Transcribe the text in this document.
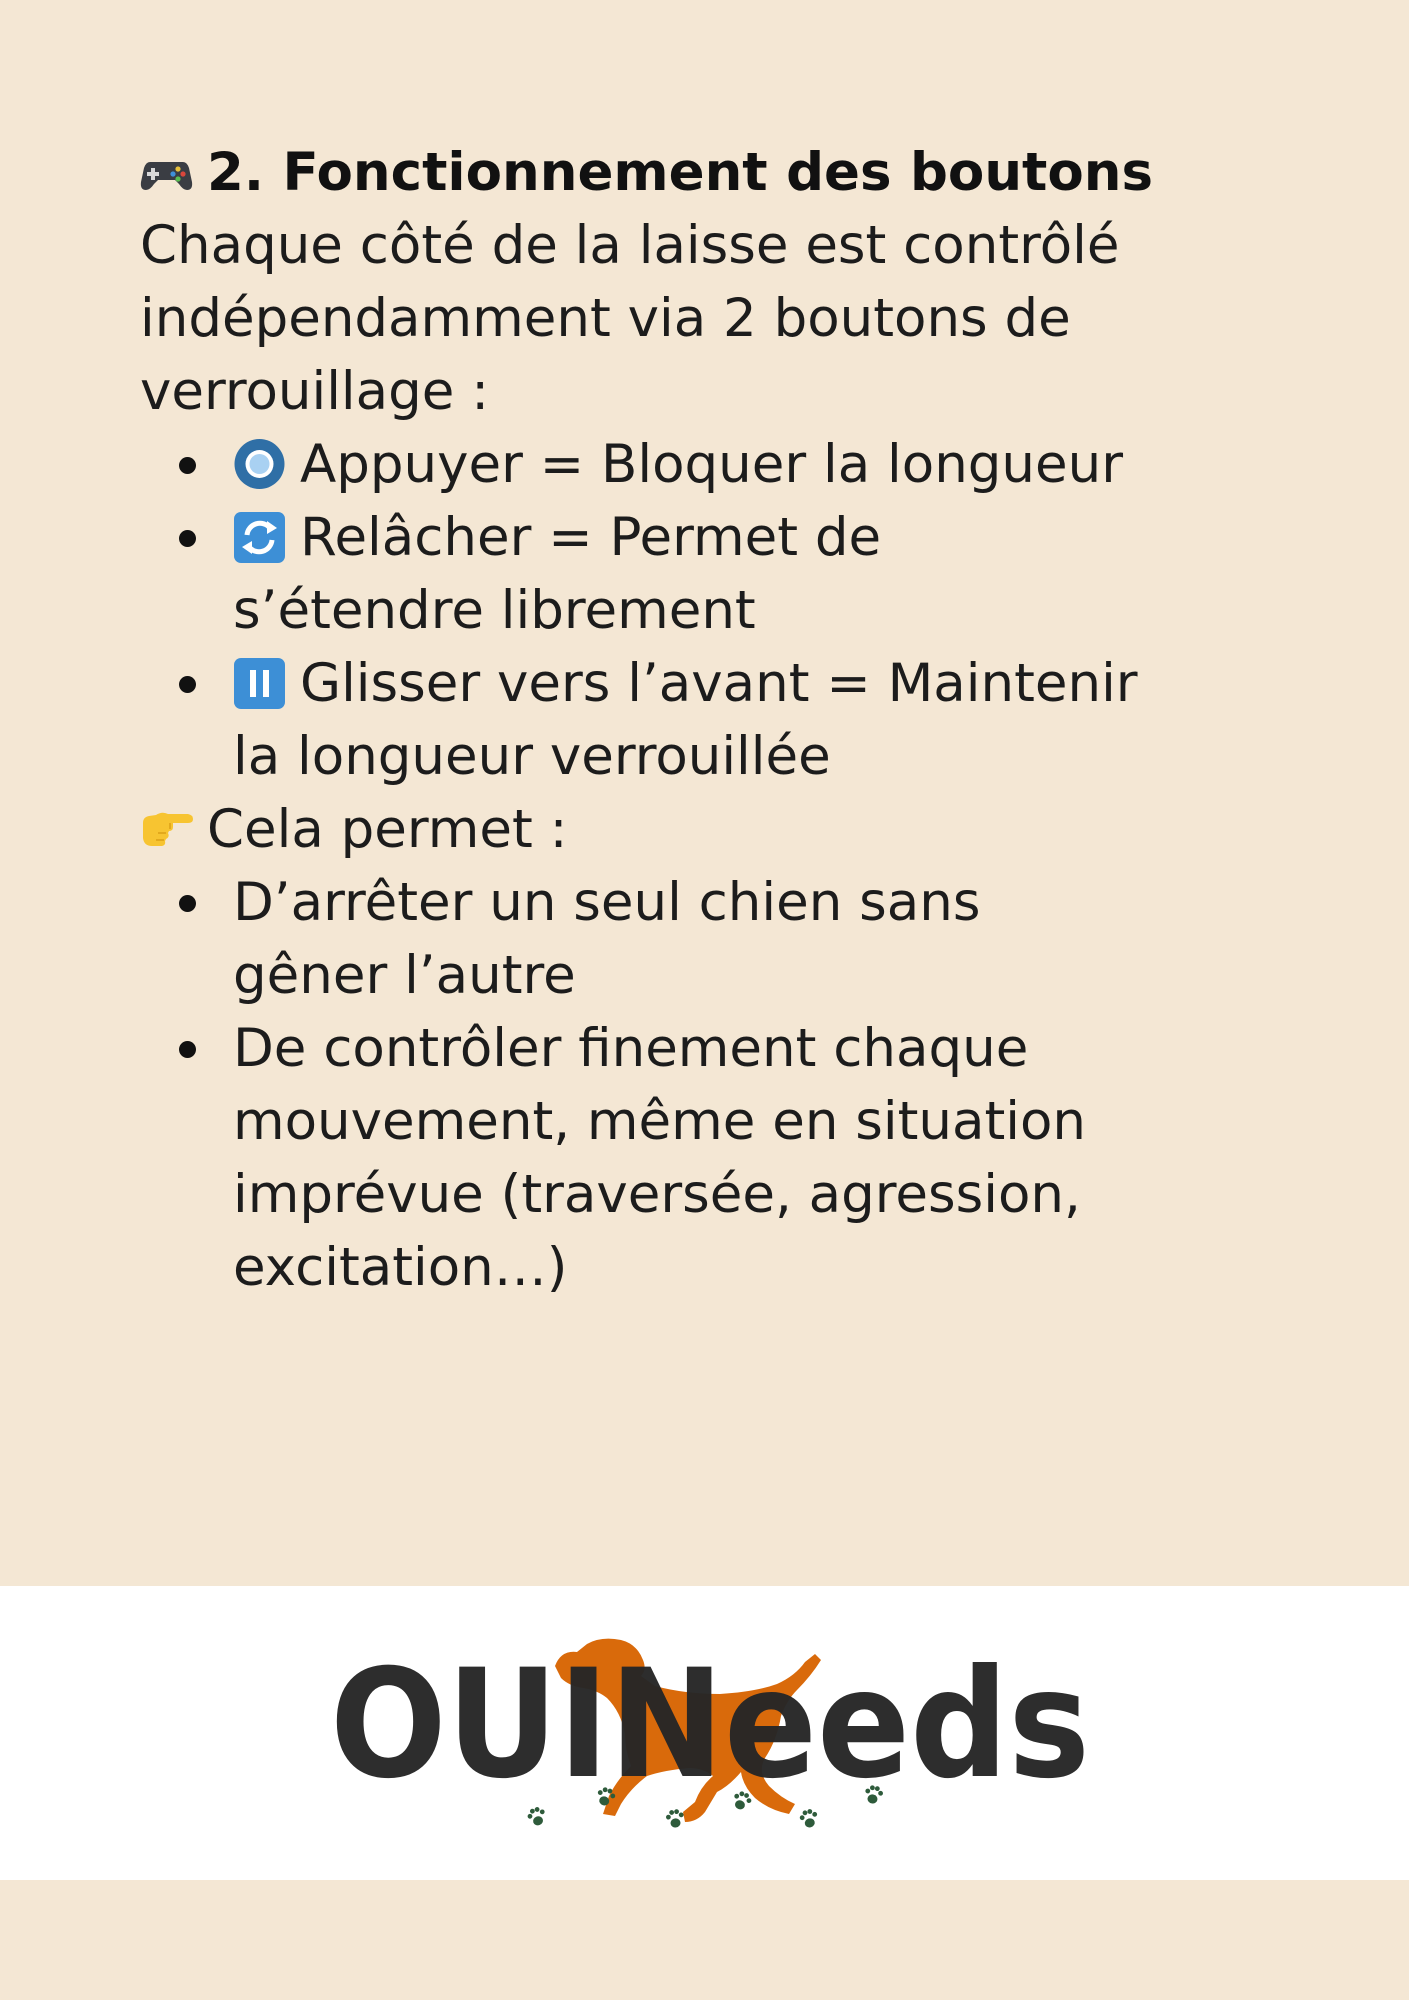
2. Fonctionnement des boutons

Chaque côté de la laisse est contrôlé indépendamment via 2 boutons de verrouillage :

Appuyer = Bloquer la longueur
Relâcher = Permet de s’étendre librement
Glisser vers l’avant = Maintenir la longueur verrouillée
Cela permet :
D’arrêter un seul chien sans gêner l’autre
De contrôler finement chaque mouvement, même en situation imprévue (traversée, agression, excitation…)
OUINeeds
